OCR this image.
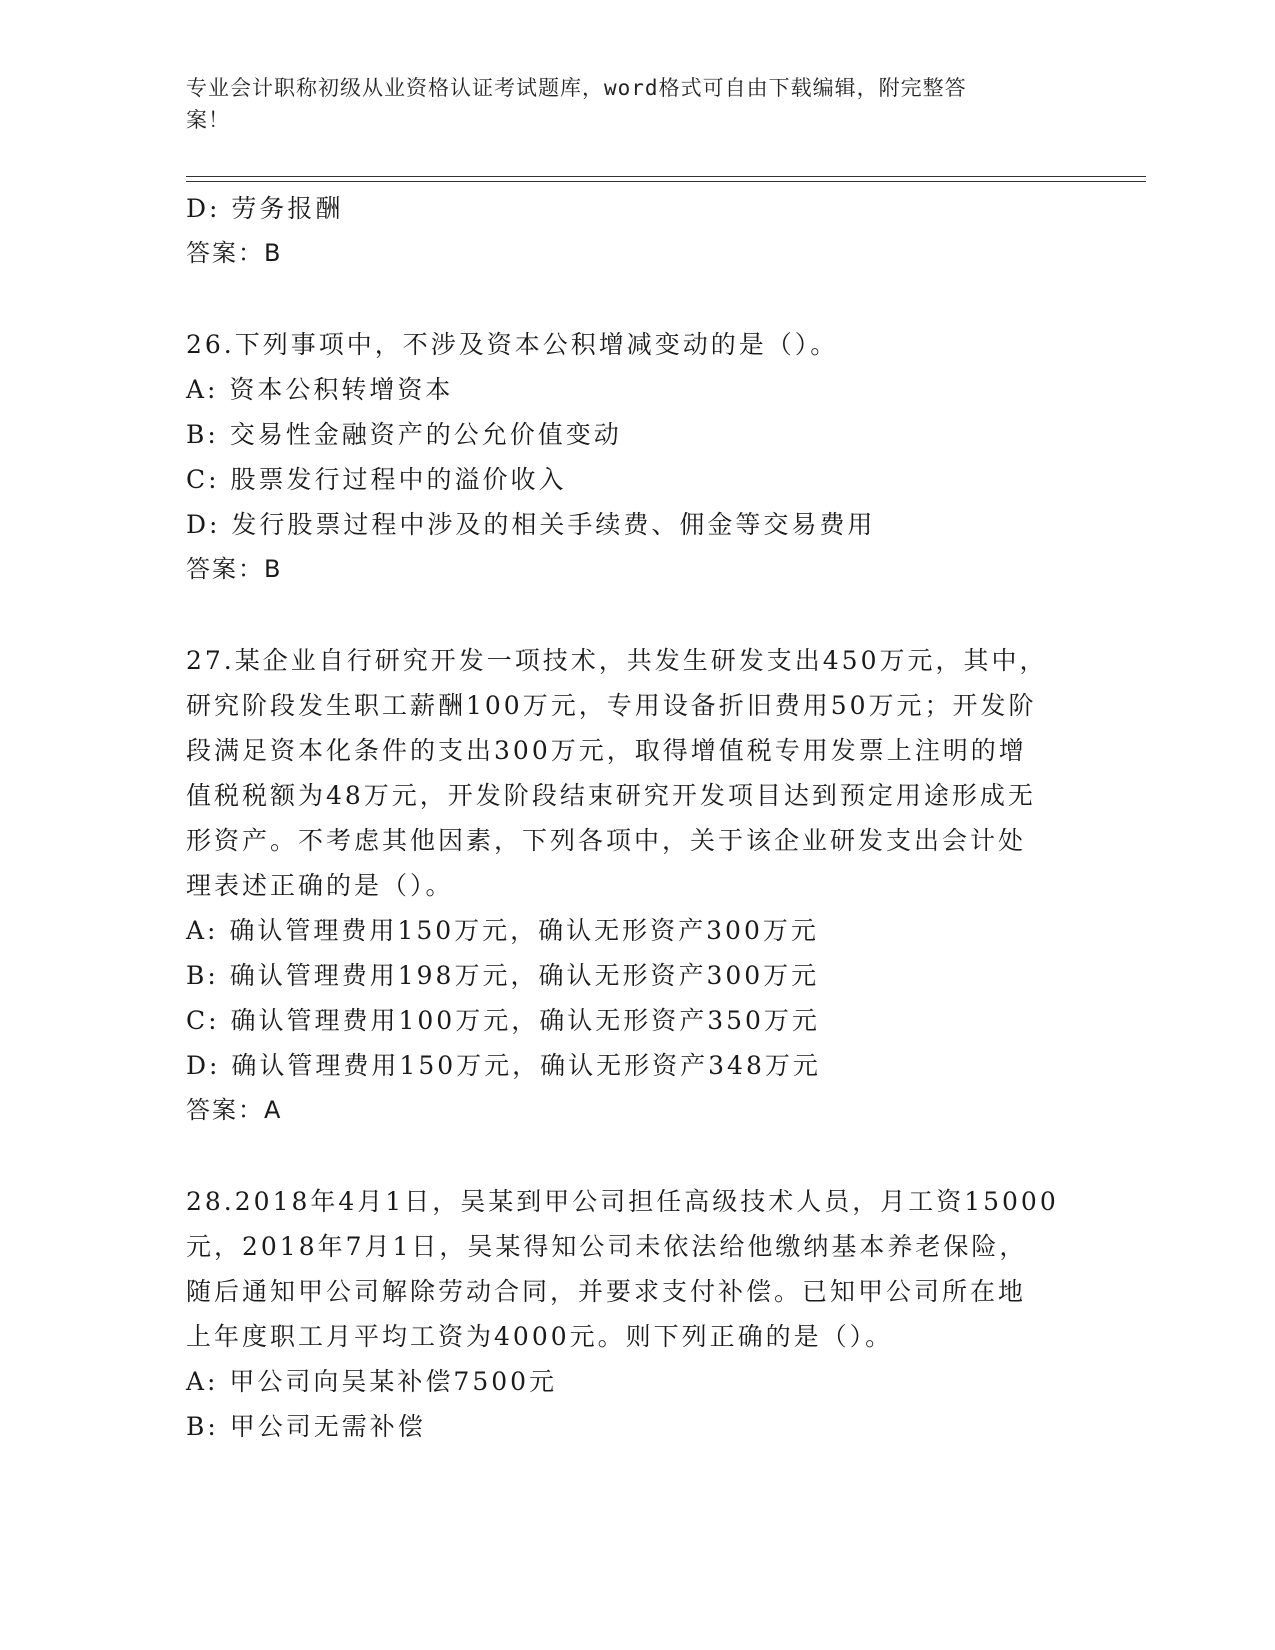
专业会计职称初级从业资格认证考试题库，word格式可自由下载编辑，附完整答
案！
D: 劳务报酬
答案：B
26.下列事项中，不涉及资本公积增减变动的是（）。
A: 资本公积转增资本
B: 交易性金融资产的公允价值变动
C: 股票发行过程中的溢价收入
D: 发行股票过程中涉及的相关手续费、佣金等交易费用
答案：B
27.某企业自行研究开发一项技术，共发生研发支出450万元，其中，
研究阶段发生职工薪酬100万元，专用设备折旧费用50万元；开发阶
段满足资本化条件的支出300万元，取得增值税专用发票上注明的增
值税税额为48万元，开发阶段结束研究开发项目达到预定用途形成无
形资产。不考虑其他因素，下列各项中，关于该企业研发支出会计处
理表述正确的是（）。
A: 确认管理费用150万元，确认无形资产300万元
B: 确认管理费用198万元，确认无形资产300万元
C: 确认管理费用100万元，确认无形资产350万元
D: 确认管理费用150万元，确认无形资产348万元
答案：A
28.2018年4月1日，吴某到甲公司担任高级技术人员，月工资15000
元，2018年7月1日，吴某得知公司未依法给他缴纳基本养老保险，
随后通知甲公司解除劳动合同，并要求支付补偿。已知甲公司所在地
上年度职工月平均工资为4000元。则下列正确的是（）。
A: 甲公司向吴某补偿7500元
B: 甲公司无需补偿
